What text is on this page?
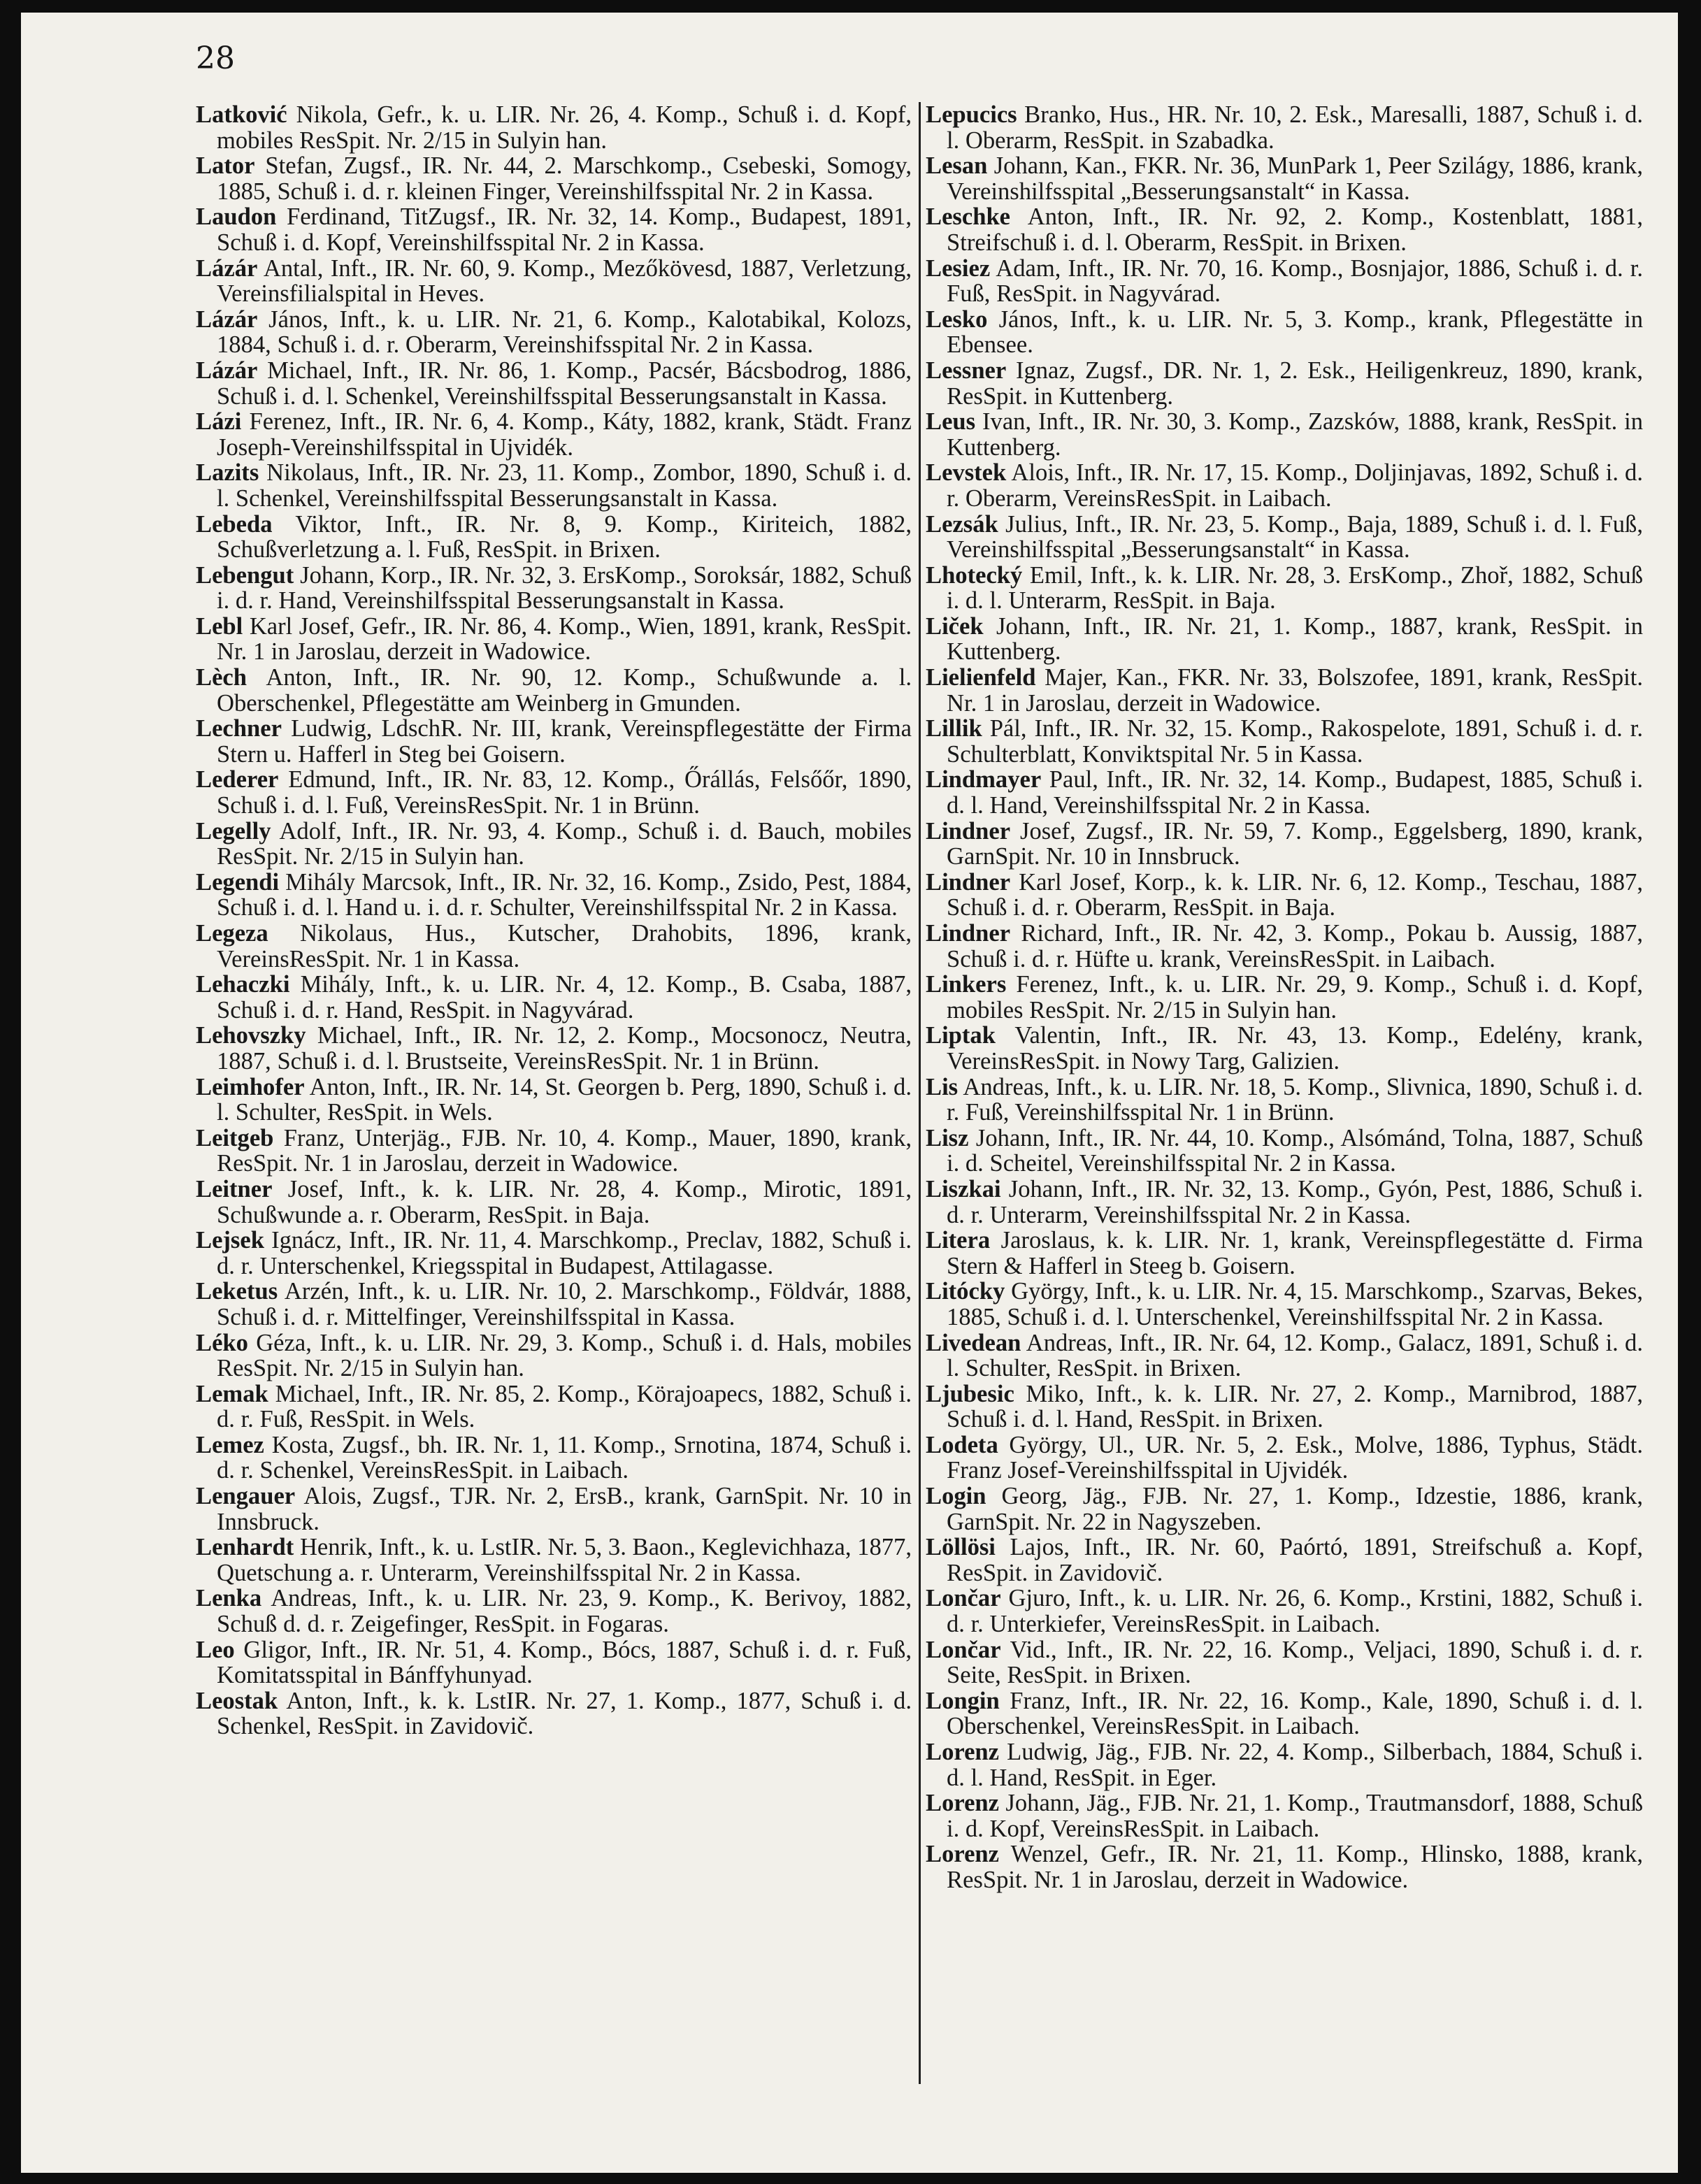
28

Latković Nikola, Gefr., k. u. LIR. Nr. 26, 4. Komp., Schuß i. d. Kopf, mobiles ResSpit. Nr. 2/15 in Sulyin han.

Lator Stefan, Zugsf., IR. Nr. 44, 2. Marschkomp., Csebeski, Somogy, 1885, Schuß i. d. r. kleinen Finger, Vereinshilfsspital Nr. 2 in Kassa.

Laudon Ferdinand, TitZugsf., IR. Nr. 32, 14. Komp., Budapest, 1891, Schuß i. d. Kopf, Vereinshilfsspital Nr. 2 in Kassa.

Lázár Antal, Inft., IR. Nr. 60, 9. Komp., Mezőkövesd, 1887, Verletzung, Vereinsfilialspital in Heves.

Lázár János, Inft., k. u. LIR. Nr. 21, 6. Komp., Kalotabikal, Kolozs, 1884, Schuß i. d. r. Oberarm, Vereinshifsspital Nr. 2 in Kassa.

Lázár Michael, Inft., IR. Nr. 86, 1. Komp., Pacsér, Bácsbodrog, 1886, Schuß i. d. l. Schenkel, Vereinshilfsspital Besserungsanstalt in Kassa.

Lázi Ferenez, Inft., IR. Nr. 6, 4. Komp., Káty, 1882, krank, Städt. Franz Joseph-Vereinshilfsspital in Ujvidék.

Lazits Nikolaus, Inft., IR. Nr. 23, 11. Komp., Zombor, 1890, Schuß i. d. l. Schenkel, Vereinshilfsspital Besserungsanstalt in Kassa.

Lebeda Viktor, Inft., IR. Nr. 8, 9. Komp., Kiriteich, 1882, Schußverletzung a. l. Fuß, ResSpit. in Brixen.

Lebengut Johann, Korp., IR. Nr. 32, 3. ErsKomp., Soroksár, 1882, Schuß i. d. r. Hand, Vereinshilfsspital Besserungsanstalt in Kassa.

Lebl Karl Josef, Gefr., IR. Nr. 86, 4. Komp., Wien, 1891, krank, ResSpit. Nr. 1 in Jaroslau, derzeit in Wadowice.

Lèch Anton, Inft., IR. Nr. 90, 12. Komp., Schußwunde a. l. Oberschenkel, Pflegestätte am Weinberg in Gmunden.

Lechner Ludwig, LdschR. Nr. III, krank, Vereinspflegestätte der Firma Stern u. Hafferl in Steg bei Goisern.

Lederer Edmund, Inft., IR. Nr. 83, 12. Komp., Őrállás, Felsőőr, 1890, Schuß i. d. l. Fuß, VereinsResSpit. Nr. 1 in Brünn.

Legelly Adolf, Inft., IR. Nr. 93, 4. Komp., Schuß i. d. Bauch, mobiles ResSpit. Nr. 2/15 in Sulyin han.

Legendi Mihály Marcsok, Inft., IR. Nr. 32, 16. Komp., Zsido, Pest, 1884, Schuß i. d. l. Hand u. i. d. r. Schulter, Vereinshilfsspital Nr. 2 in Kassa.

Legeza Nikolaus, Hus., Kutscher, Drahobits, 1896, krank, VereinsResSpit. Nr. 1 in Kassa.

Lehaczki Mihály, Inft., k. u. LIR. Nr. 4, 12. Komp., B. Csaba, 1887, Schuß i. d. r. Hand, ResSpit. in Nagyvárad.

Lehovszky Michael, Inft., IR. Nr. 12, 2. Komp., Mocsonocz, Neutra, 1887, Schuß i. d. l. Brustseite, VereinsResSpit. Nr. 1 in Brünn.

Leimhofer Anton, Inft., IR. Nr. 14, St. Georgen b. Perg, 1890, Schuß i. d. l. Schulter, ResSpit. in Wels.

Leitgeb Franz, Unterjäg., FJB. Nr. 10, 4. Komp., Mauer, 1890, krank, ResSpit. Nr. 1 in Jaroslau, derzeit in Wadowice.

Leitner Josef, Inft., k. k. LIR. Nr. 28, 4. Komp., Mirotic, 1891, Schußwunde a. r. Oberarm, ResSpit. in Baja.

Lejsek Ignácz, Inft., IR. Nr. 11, 4. Marschkomp., Preclav, 1882, Schuß i. d. r. Unterschenkel, Kriegsspital in Budapest, Attilagasse.

Leketus Arzén, Inft., k. u. LIR. Nr. 10, 2. Marschkomp., Földvár, 1888, Schuß i. d. r. Mittelfinger, Vereinshilfsspital in Kassa.

Léko Géza, Inft., k. u. LIR. Nr. 29, 3. Komp., Schuß i. d. Hals, mobiles ResSpit. Nr. 2/15 in Sulyin han.

Lemak Michael, Inft., IR. Nr. 85, 2. Komp., Körajoapecs, 1882, Schuß i. d. r. Fuß, ResSpit. in Wels.

Lemez Kosta, Zugsf., bh. IR. Nr. 1, 11. Komp., Srnotina, 1874, Schuß i. d. r. Schenkel, VereinsResSpit. in Laibach.

Lengauer Alois, Zugsf., TJR. Nr. 2, ErsB., krank, GarnSpit. Nr. 10 in Innsbruck.

Lenhardt Henrik, Inft., k. u. LstIR. Nr. 5, 3. Baon., Keglevichhaza, 1877, Quetschung a. r. Unterarm, Vereinshilfsspital Nr. 2 in Kassa.

Lenka Andreas, Inft., k. u. LIR. Nr. 23, 9. Komp., K. Berivoy, 1882, Schuß d. d. r. Zeigefinger, ResSpit. in Fogaras.

Leo Gligor, Inft., IR. Nr. 51, 4. Komp., Bócs, 1887, Schuß i. d. r. Fuß, Komitatsspital in Bánffyhunyad.

Leostak Anton, Inft., k. k. LstIR. Nr. 27, 1. Komp., 1877, Schuß i. d. Schenkel, ResSpit. in Zavidovič.

Lepucics Branko, Hus., HR. Nr. 10, 2. Esk., Maresalli, 1887, Schuß i. d. l. Oberarm, ResSpit. in Szabadka.

Lesan Johann, Kan., FKR. Nr. 36, MunPark 1, Peer Szilágy, 1886, krank, Vereinshilfsspital „Besserungsanstalt“ in Kassa.

Leschke Anton, Inft., IR. Nr. 92, 2. Komp., Kostenblatt, 1881, Streifschuß i. d. l. Oberarm, ResSpit. in Brixen.

Lesiez Adam, Inft., IR. Nr. 70, 16. Komp., Bosnjajor, 1886, Schuß i. d. r. Fuß, ResSpit. in Nagyvárad.

Lesko János, Inft., k. u. LIR. Nr. 5, 3. Komp., krank, Pflegestätte in Ebensee.

Lessner Ignaz, Zugsf., DR. Nr. 1, 2. Esk., Heiligenkreuz, 1890, krank, ResSpit. in Kuttenberg.

Leus Ivan, Inft., IR. Nr. 30, 3. Komp., Zazsków, 1888, krank, ResSpit. in Kuttenberg.

Levstek Alois, Inft., IR. Nr. 17, 15. Komp., Doljinjavas, 1892, Schuß i. d. r. Oberarm, VereinsResSpit. in Laibach.

Lezsák Julius, Inft., IR. Nr. 23, 5. Komp., Baja, 1889, Schuß i. d. l. Fuß, Vereinshilfsspital „Besserungsanstalt“ in Kassa.

Lhotecký Emil, Inft., k. k. LIR. Nr. 28, 3. ErsKomp., Zhoř, 1882, Schuß i. d. l. Unterarm, ResSpit. in Baja.

Liček Johann, Inft., IR. Nr. 21, 1. Komp., 1887, krank, ResSpit. in Kuttenberg.

Lielienfeld Majer, Kan., FKR. Nr. 33, Bolszofee, 1891, krank, ResSpit. Nr. 1 in Jaroslau, derzeit in Wadowice.

Lillik Pál, Inft., IR. Nr. 32, 15. Komp., Rakospelote, 1891, Schuß i. d. r. Schulterblatt, Konviktspital Nr. 5 in Kassa.

Lindmayer Paul, Inft., IR. Nr. 32, 14. Komp., Budapest, 1885, Schuß i. d. l. Hand, Vereinshilfsspital Nr. 2 in Kassa.

Lindner Josef, Zugsf., IR. Nr. 59, 7. Komp., Eggelsberg, 1890, krank, GarnSpit. Nr. 10 in Innsbruck.

Lindner Karl Josef, Korp., k. k. LIR. Nr. 6, 12. Komp., Teschau, 1887, Schuß i. d. r. Oberarm, ResSpit. in Baja.

Lindner Richard, Inft., IR. Nr. 42, 3. Komp., Pokau b. Aussig, 1887, Schuß i. d. r. Hüfte u. krank, VereinsResSpit. in Laibach.

Linkers Ferenez, Inft., k. u. LIR. Nr. 29, 9. Komp., Schuß i. d. Kopf, mobiles ResSpit. Nr. 2/15 in Sulyin han.

Liptak Valentin, Inft., IR. Nr. 43, 13. Komp., Edelény, krank, VereinsResSpit. in Nowy Targ, Galizien.

Lis Andreas, Inft., k. u. LIR. Nr. 18, 5. Komp., Slivnica, 1890, Schuß i. d. r. Fuß, Vereinshilfsspital Nr. 1 in Brünn.

Lisz Johann, Inft., IR. Nr. 44, 10. Komp., Alsómánd, Tolna, 1887, Schuß i. d. Scheitel, Vereinshilfsspital Nr. 2 in Kassa.

Liszkai Johann, Inft., IR. Nr. 32, 13. Komp., Gyón, Pest, 1886, Schuß i. d. r. Unterarm, Vereinshilfsspital Nr. 2 in Kassa.

Litera Jaroslaus, k. k. LIR. Nr. 1, krank, Vereinspflegestätte d. Firma Stern & Hafferl in Steeg b. Goisern.

Litócky György, Inft., k. u. LIR. Nr. 4, 15. Marschkomp., Szarvas, Bekes, 1885, Schuß i. d. l. Unterschenkel, Vereinshilfsspital Nr. 2 in Kassa.

Livedean Andreas, Inft., IR. Nr. 64, 12. Komp., Galacz, 1891, Schuß i. d. l. Schulter, ResSpit. in Brixen.

Ljubesic Miko, Inft., k. k. LIR. Nr. 27, 2. Komp., Marnibrod, 1887, Schuß i. d. l. Hand, ResSpit. in Brixen.

Lodeta György, Ul., UR. Nr. 5, 2. Esk., Molve, 1886, Typhus, Städt. Franz Josef-Vereinshilfsspital in Ujvidék.

Login Georg, Jäg., FJB. Nr. 27, 1. Komp., Idzestie, 1886, krank, GarnSpit. Nr. 22 in Nagyszeben.

Löllösi Lajos, Inft., IR. Nr. 60, Paórtó, 1891, Streifschuß a. Kopf, ResSpit. in Zavidovič.

Lončar Gjuro, Inft., k. u. LIR. Nr. 26, 6. Komp., Krstini, 1882, Schuß i. d. r. Unterkiefer, VereinsResSpit. in Laibach.

Lončar Vid., Inft., IR. Nr. 22, 16. Komp., Veljaci, 1890, Schuß i. d. r. Seite, ResSpit. in Brixen.

Longin Franz, Inft., IR. Nr. 22, 16. Komp., Kale, 1890, Schuß i. d. l. Oberschenkel, VereinsResSpit. in Laibach.

Lorenz Ludwig, Jäg., FJB. Nr. 22, 4. Komp., Silberbach, 1884, Schuß i. d. l. Hand, ResSpit. in Eger.

Lorenz Johann, Jäg., FJB. Nr. 21, 1. Komp., Trautmansdorf, 1888, Schuß i. d. Kopf, VereinsResSpit. in Laibach.

Lorenz Wenzel, Gefr., IR. Nr. 21, 11. Komp., Hlinsko, 1888, krank, ResSpit. Nr. 1 in Jaroslau, derzeit in Wadowice.
